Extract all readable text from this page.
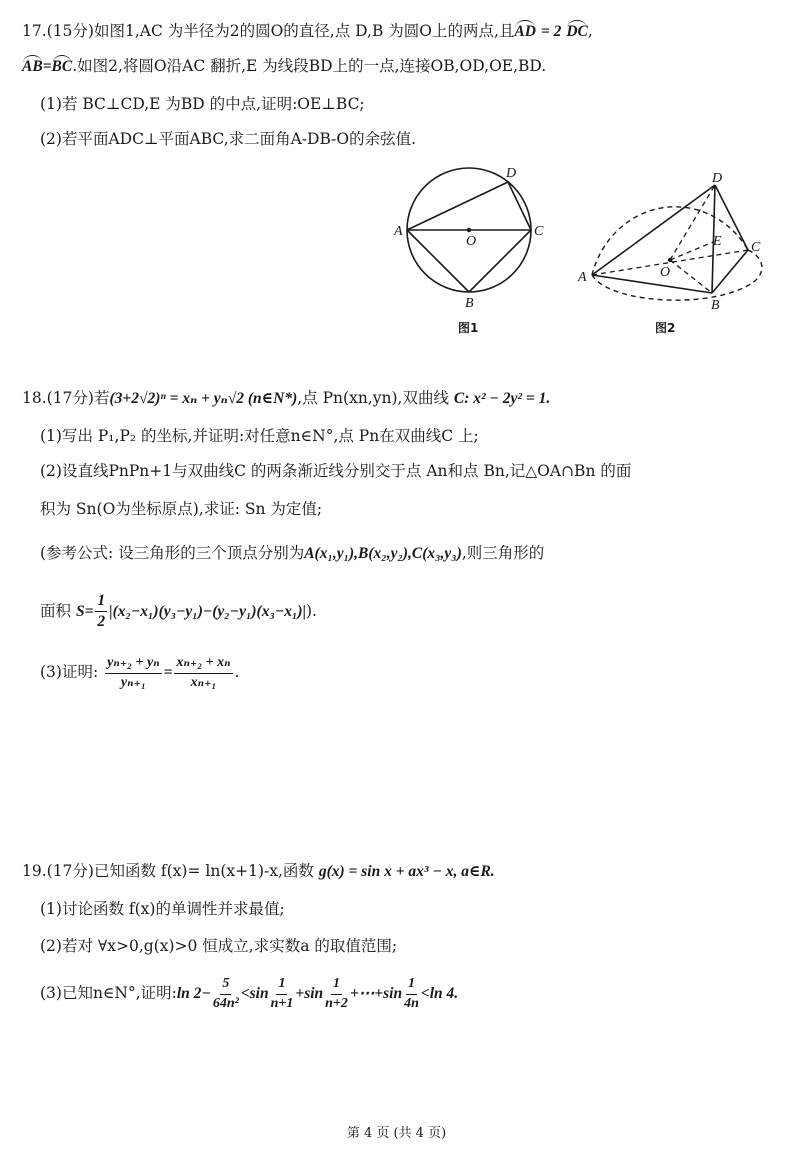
17.(15分)如图1,AC 为半径为2的圆O的直径,点 D,B 为圆O上的两点,且AD = 2 DC,
AB=BC.如图2,将圆O沿AC 翻折,E 为线段BD上的一点,连接OB,OD,OE,BD.
(1)若 BC⊥CD,E 为BD 的中点,证明:OE⊥BC;
(2)若平面ADC⊥平面ABC,求二面角A-DB-O的余弦值.
A	C
D
B
O
图1
A
D
C
B
E
O
图2
18.(17分)若(3+2√2)ⁿ = xₙ + yₙ√2 (n∈N*),点 Pn(xn,yn),双曲线 C: x² − 2y² = 1.
(1)写出 P₁,P₂ 的坐标,并证明:对任意n∈N°,点 Pn在双曲线C 上;
(2)设直线PnPn+1与双曲线C 的两条渐近线分别交于点 An和点 Bn,记△OA∩Bn 的面
积为 Sn(O为坐标原点),求证: Sn 为定值;
(参考公式: 设三角形的三个顶点分别为A(x₁,y₁),B(x₂,y₂),C(x₃,y₃),则三角形的
面积 $S= \frac{1}{2} |(x_2-x_1)(y_3-y_1)-(y_2-y_1)(x_3-x_1)|$).
(3)证明: $\frac{\text{yₙ₊₂ + yₙ}}{\text{yₙ₊₁}} = \frac{\text{xₙ₊₂ + xₙ}}{\text{xₙ₊₁}}$ .
19.(17分)已知函数 f(x)= ln(x+1)-x,函数 g(x) = sin x + ax³ − x, a∈R.
(1)讨论函数 f(x)的单调性并求最值;
(2)若对 ∀x>0,g(x)>0 恒成立,求实数a 的取值范围;
(3)已知n∈N°,证明:ln $2- \frac{5}{\text{64n²}} <\sin \frac{1}{n+1} +\sin \frac{1}{n+2}$ +⋯+sin $\frac{1}{4n} <\ln$ 4.
第 4 页 (共 4 页)
